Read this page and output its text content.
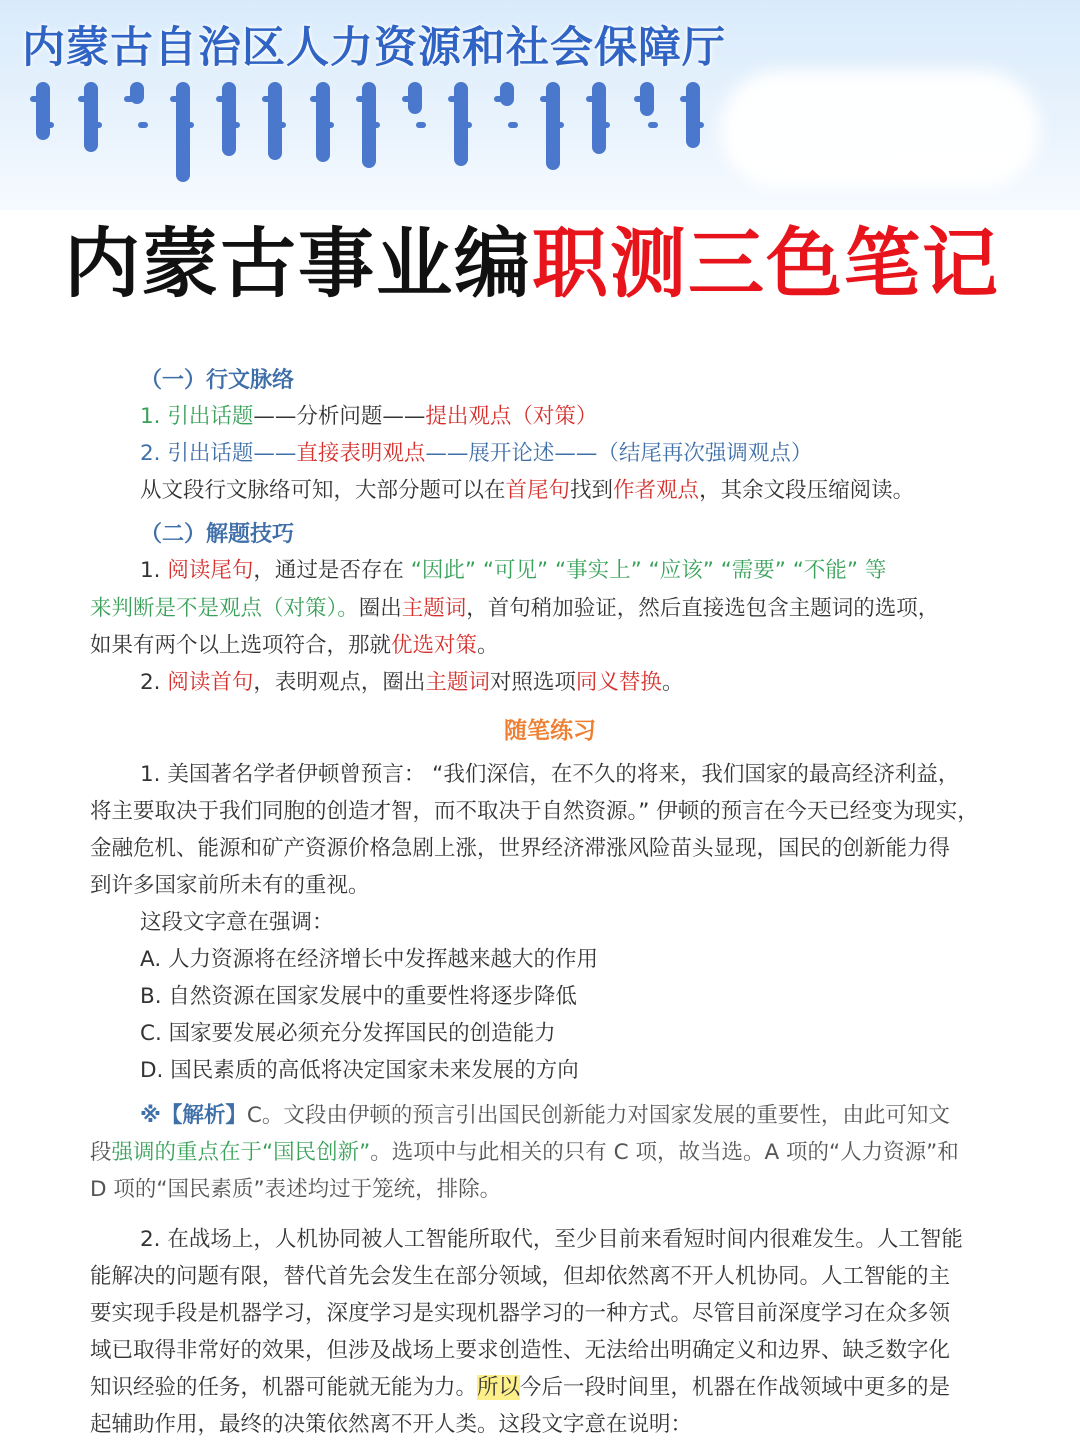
内蒙古自治区人力资源和社会保障厅
内蒙古事业编职测三色笔记
（一）行文脉络
1. 引出话题——分析问题——提出观点（对策）
2. 引出话题——直接表明观点——展开论述——（结尾再次强调观点）
从文段行文脉络可知，大部分题可以在首尾句找到作者观点，其余文段压缩阅读。
（二）解题技巧
1. 阅读尾句，通过是否存在 “因此” “可见” “事实上” “应该” “需要” “不能” 等
来判断是不是观点（对策）。圈出主题词，首句稍加验证，然后直接选包含主题词的选项，
如果有两个以上选项符合，那就优选对策。
2. 阅读首句，表明观点，圈出主题词对照选项同义替换。
随笔练习
1. 美国著名学者伊顿曾预言： “我们深信，在不久的将来，我们国家的最高经济利益，
将主要取决于我们同胞的创造才智，而不取决于自然资源。” 伊顿的预言在今天已经变为现实，
金融危机、能源和矿产资源价格急剧上涨，世界经济滞涨风险苗头显现，国民的创新能力得
到许多国家前所未有的重视。
这段文字意在强调：
A. 人力资源将在经济增长中发挥越来越大的作用
B. 自然资源在国家发展中的重要性将逐步降低
C. 国家要发展必须充分发挥国民的创造能力
D. 国民素质的高低将决定国家未来发展的方向
※【解析】C。文段由伊顿的预言引出国民创新能力对国家发展的重要性，由此可知文
段强调的重点在于“国民创新”。选项中与此相关的只有 C 项，故当选。A 项的“人力资源”和
D 项的“国民素质”表述均过于笼统，排除。
2. 在战场上，人机协同被人工智能所取代，至少目前来看短时间内很难发生。人工智能
能解决的问题有限，替代首先会发生在部分领域，但却依然离不开人机协同。人工智能的主
要实现手段是机器学习，深度学习是实现机器学习的一种方式。尽管目前深度学习在众多领
域已取得非常好的效果，但涉及战场上要求创造性、无法给出明确定义和边界、缺乏数字化
知识经验的任务，机器可能就无能为力。所以今后一段时间里，机器在作战领域中更多的是
起辅助作用，最终的决策依然离不开人类。这段文字意在说明：
